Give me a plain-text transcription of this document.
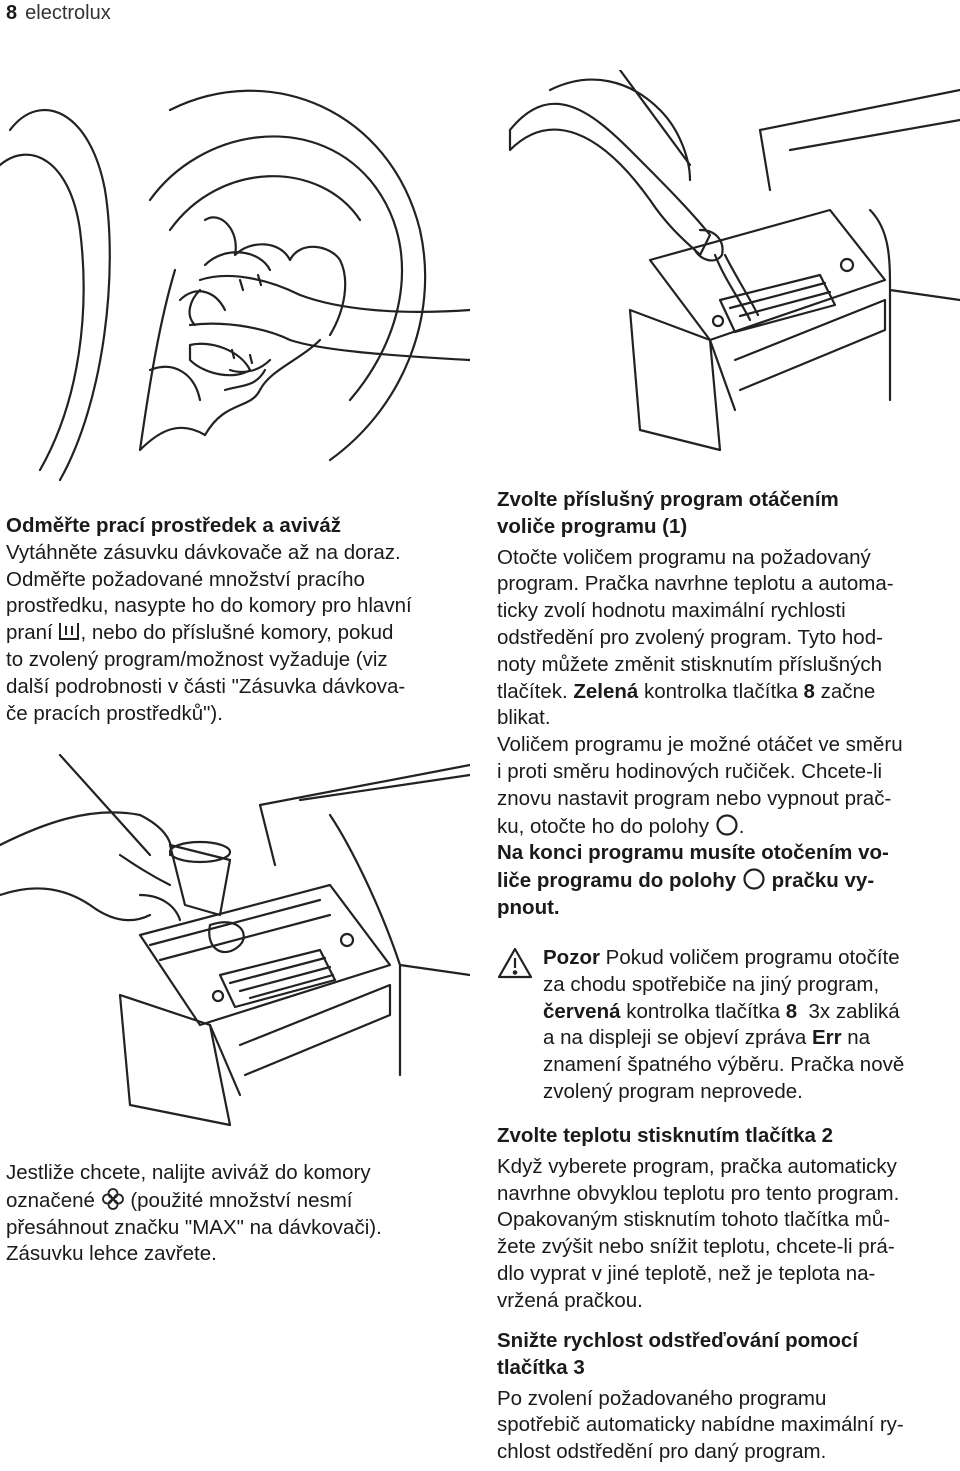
8 electrolux

Odměřte prací prostředek a aviváž

Vytáhněte zásuvku dávkovače až na doraz.

Odměřte požadované množství pracího

prostředku, nasypte ho do komory pro hlavní

praní , nebo do příslušné komory, pokud

to zvolený program/možnost vyžaduje (viz

další podrobnosti v části "Zásuvka dávkova-

če pracích prostředků").

Jestliže chcete, nalijte aviváž do komory

označené (použité množství nesmí

přesáhnout značku "MAX" na dávkovači).

Zásuvku lehce zavřete.

Zvolte příslušný program otáčením

voliče programu (1)

Otočte voličem programu na požadovaný

program. Pračka navrhne teplotu a automa-

ticky zvolí hodnotu maximální rychlosti

odstředění pro zvolený program. Tyto hod-

noty můžete změnit stisknutím příslušných

tlačítek. Zelená kontrolka tlačítka 8 začne

blikat.

Voličem programu je možné otáčet ve směru

i proti směru hodinových ručiček. Chcete-li

znovu nastavit program nebo vypnout prač-

ku, otočte ho do polohy .

Na konci programu musíte otočením vo-

liče programu do polohy pračku vy-

pnout.

Pozor Pokud voličem programu otočíte

za chodu spotřebiče na jiný program,

červená kontrolka tlačítka 8  3x zabliká

a na displeji se objeví zpráva Err na

znamení špatného výběru. Pračka nově

zvolený program neprovede.

Zvolte teplotu stisknutím tlačítka 2

Když vyberete program, pračka automaticky

navrhne obvyklou teplotu pro tento program.

Opakovaným stisknutím tohoto tlačítka mů-

žete zvýšit nebo snížit teplotu, chcete-li prá-

dlo vyprat v jiné teplotě, než je teplota na-

vržená pračkou.

Snižte rychlost odstřeďování pomocí

tlačítka 3

Po zvolení požadovaného programu

spotřebič automaticky nabídne maximální ry-

chlost odstředění pro daný program.
